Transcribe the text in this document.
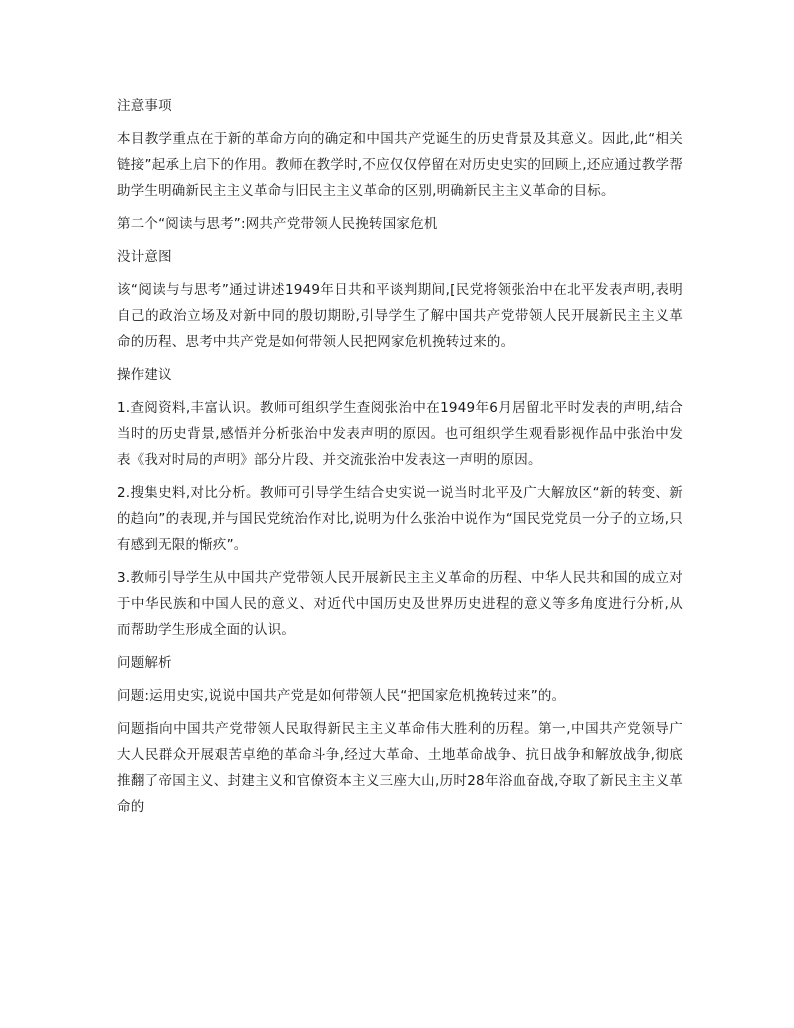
注意事项

本目教学重点在于新的革命方向的确定和中国共产党诞生的历史背景及其意义。因此,此“相关链接”起承上启下的作用。教师在教学时,不应仅仅停留在对历史史实的回顾上,还应通过教学帮助学生明确新民主主义革命与旧民主主义革命的区别,明确新民主主义革命的目标。

第二个“阅读与思考”:网共产党带领人民挽转国家危机

没计意图

该“阅读与与思考”通过讲述1949年日共和平谈判期间,[民党将领张治中在北平发表声明,表明自己的政治立场及对新中同的殷切期盼,引导学生了解中国共产党带领人民开展新民主主义革命的历程、思考中共产党是如何带领人民把网家危机挽转过来的。

操作建议

1.查阅资料,丰富认识。教师可组织学生查阅张治中在1949年6月居留北平时发表的声明,结合当时的历史背景,感悟并分析张治中发表声明的原因。也可组织学生观看影视作品中张治中发表《我对时局的声明》部分片段、并交流张治中发表这一声明的原因。

2.搜集史料,对比分析。教师可引导学生结合史实说一说当时北平及广大解放区“新的转变、新的趋向”的表现,并与国民党统治作对比,说明为什么张治中说作为“国民党党员一分子的立场,只有感到无限的惭疚”。

3.教师引导学生从中国共产党带领人民开展新民主主义革命的历程、中华人民共和国的成立对于中华民族和中国人民的意义、对近代中国历史及世界历史进程的意义等多角度进行分析,从而帮助学生形成全面的认识。

问题解析

问题:运用史实,说说中国共产党是如何带领人民“把国家危机挽转过来”的。

问题指向中国共产党带领人民取得新民主主义革命伟大胜利的历程。第一,中国共产党领导广大人民群众开展艰苦卓绝的革命斗争,经过大革命、土地革命战争、抗日战争和解放战争,彻底推翻了帝国主义、封建主义和官僚资本主义三座大山,历时28年浴血奋战,夺取了新民主主义革命的
